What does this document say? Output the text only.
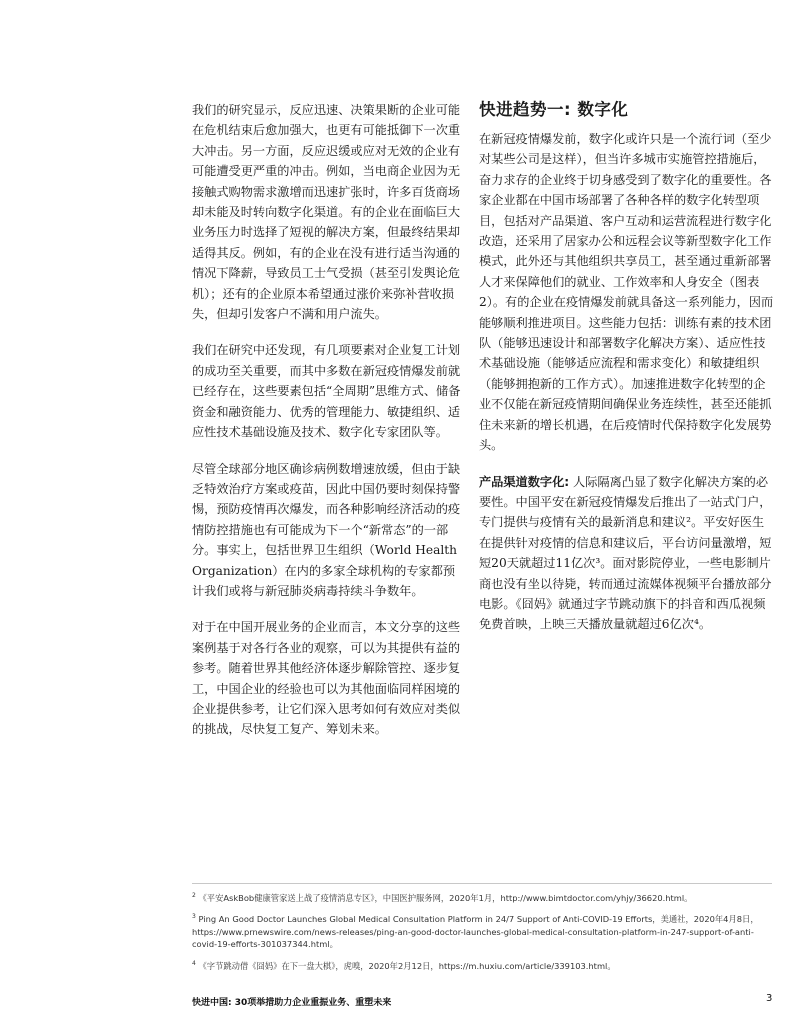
我们的研究显示，反应迅速、决策果断的企业可能在危机结束后愈加强大，也更有可能抵御下一次重大冲击。另一方面，反应迟缓或应对无效的企业有可能遭受更严重的冲击。例如，当电商企业因为无接触式购物需求激增而迅速扩张时，许多百货商场却未能及时转向数字化渠道。有的企业在面临巨大业务压力时选择了短视的解决方案，但最终结果却适得其反。例如，有的企业在没有进行适当沟通的情况下降薪，导致员工士气受损（甚至引发舆论危机）；还有的企业原本希望通过涨价来弥补营收损失，但却引发客户不满和用户流失。

我们在研究中还发现，有几项要素对企业复工计划的成功至关重要，而其中多数在新冠疫情爆发前就已经存在，这些要素包括“全周期”思维方式、储备资金和融资能力、优秀的管理能力、敏捷组织、适应性技术基础设施及技术、数字化专家团队等。

尽管全球部分地区确诊病例数增速放缓，但由于缺乏特效治疗方案或疫苗，因此中国仍要时刻保持警惕，预防疫情再次爆发，而各种影响经济活动的疫情防控措施也有可能成为下一个“新常态”的一部分。事实上，包括世界卫生组织（World Health Organization）在内的多家全球机构的专家都预计我们或将与新冠肺炎病毒持续斗争数年。

对于在中国开展业务的企业而言，本文分享的这些案例基于对各行各业的观察，可以为其提供有益的参考。随着世界其他经济体逐步解除管控、逐步复工，中国企业的经验也可以为其他面临同样困境的企业提供参考，让它们深入思考如何有效应对类似的挑战，尽快复工复产、筹划未来。

快进趋势一: 数字化

在新冠疫情爆发前，数字化或许只是一个流行词（至少对某些公司是这样），但当许多城市实施管控措施后，奋力求存的企业终于切身感受到了数字化的重要性。各家企业都在中国市场部署了各种各样的数字化转型项目，包括对产品渠道、客户互动和运营流程进行数字化改造，还采用了居家办公和远程会议等新型数字化工作模式，此外还与其他组织共享员工，甚至通过重新部署人才来保障他们的就业、工作效率和人身安全（图表2）。有的企业在疫情爆发前就具备这一系列能力，因而能够顺利推进项目。这些能力包括：训练有素的技术团队（能够迅速设计和部署数字化解决方案）、适应性技术基础设施（能够适应流程和需求变化）和敏捷组织（能够拥抱新的工作方式）。加速推进数字化转型的企业不仅能在新冠疫情期间确保业务连续性，甚至还能抓住未来新的增长机遇，在后疫情时代保持数字化发展势头。

产品渠道数字化: 人际隔离凸显了数字化解决方案的必要性。中国平安在新冠疫情爆发后推出了一站式门户，专门提供与疫情有关的最新消息和建议²。平安好医生在提供针对疫情的信息和建议后，平台访问量激增，短短20天就超过11亿次³。面对影院停业，一些电影制片商也没有坐以待毙，转而通过流媒体视频平台播放部分电影。《囧妈》就通过字节跳动旗下的抖音和西瓜视频免费首映，上映三天播放量就超过6亿次⁴。

$^2$ 《平安AskBob健康管家送上战了疫情消息专区》，中国医护服务网，2020年1月，http://www.bimtdoctor.com/yhjy/36620.html。

$^3$ Ping An Good Doctor Launches Global Medical Consultation Platform in 24/7 Support of Anti-COVID-19 Efforts，美通社，2020年4月8日，https://www.prnewswire.com/news-releases/ping-an-good-doctor-launches-global-medical-consultation-platform-in-247-support-of-anti-covid-19-efforts-301037344.html。

$^4$ 《字节跳动借《囧妈》在下一盘大棋》，虎嗅，2020年2月12日，https://m.huxiu.com/article/339103.html。

快进中国: 30项举措助力企业重振业务、重塑未来	3
